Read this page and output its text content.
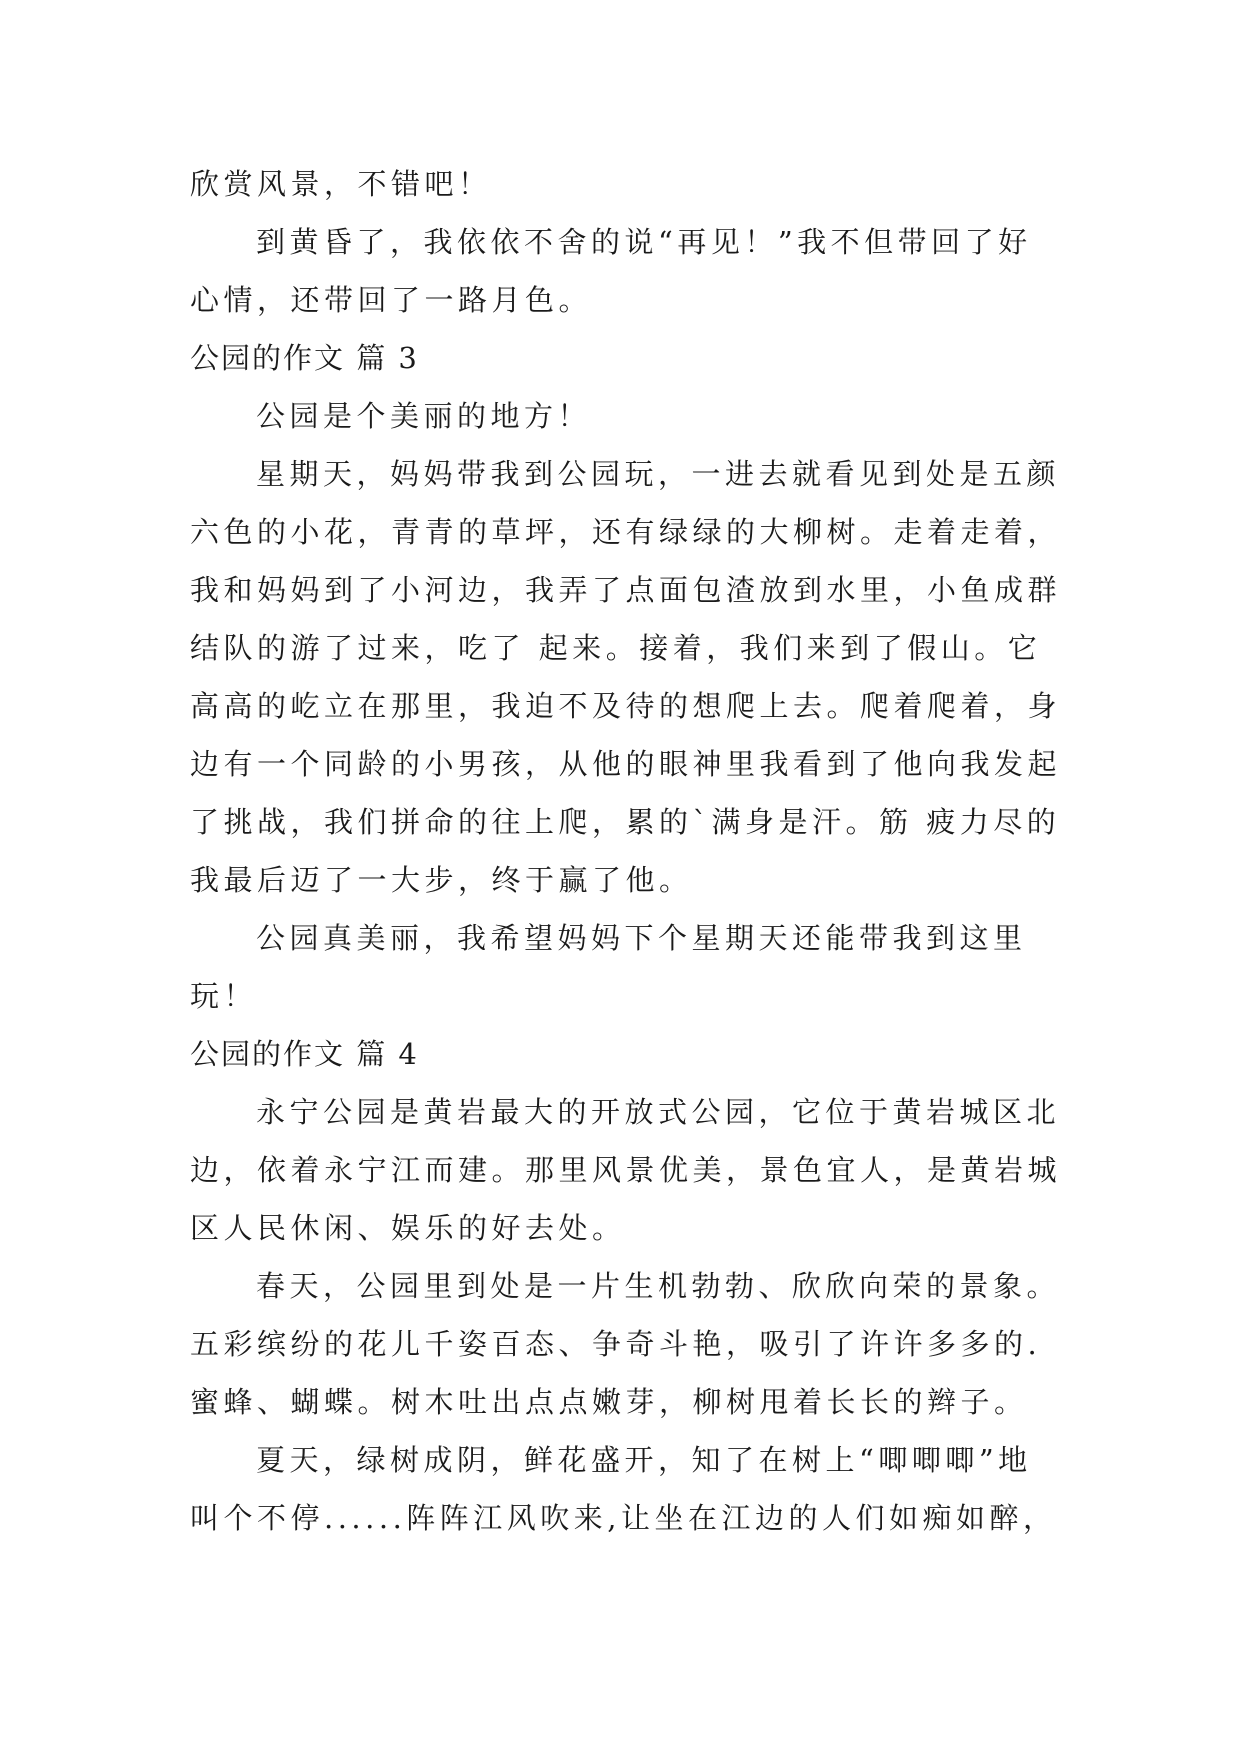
欣赏风景，不错吧！

到黄昏了，我依依不舍的说“再见！”我不但带回了好

心情，还带回了一路月色。

公园的作文 篇 3

公园是个美丽的地方！

星期天，妈妈带我到公园玩，一进去就看见到处是五颜

六色的小花，青青的草坪，还有绿绿的大柳树。走着走着，

我和妈妈到了小河边，我弄了点面包渣放到水里，小鱼成群

结队的游了过来，吃了 起来。接着，我们来到了假山。它

高高的屹立在那里，我迫不及待的想爬上去。爬着爬着，身

边有一个同龄的小男孩，从他的眼神里我看到了他向我发起

了挑战，我们拼命的往上爬，累的`满身是汗。筋 疲力尽的

我最后迈了一大步，终于赢了他。

公园真美丽，我希望妈妈下个星期天还能带我到这里

玩！

公园的作文 篇 4

永宁公园是黄岩最大的开放式公园，它位于黄岩城区北

边，依着永宁江而建。那里风景优美，景色宜人，是黄岩城

区人民休闲、娱乐的好去处。

春天，公园里到处是一片生机勃勃、欣欣向荣的景象。

五彩缤纷的花儿千姿百态、争奇斗艳，吸引了许许多多的.

蜜蜂、蝴蝶。树木吐出点点嫩芽，柳树甩着长长的辫子。

夏天，绿树成阴，鲜花盛开，知了在树上“唧唧唧”地

叫个不停......阵阵江风吹来,让坐在江边的人们如痴如醉，
